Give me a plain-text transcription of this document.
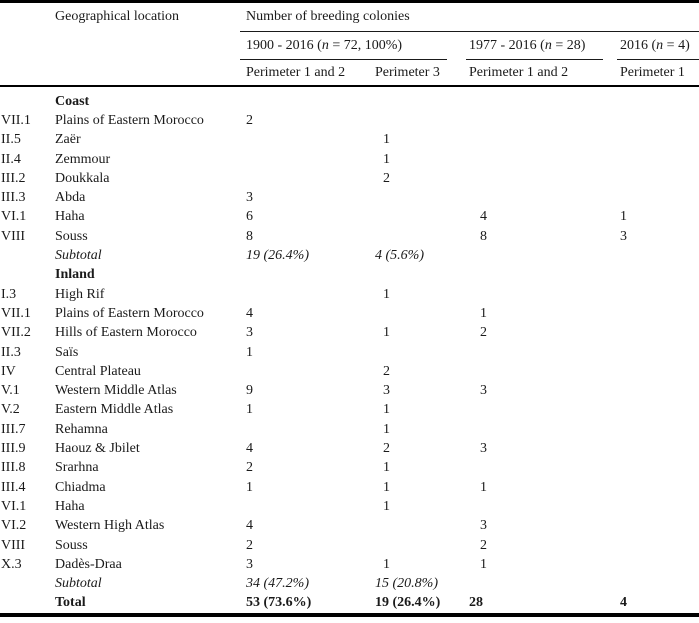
	Geographical location	Number of breeding colonies			
		1900 - 2016 (n = 72, 100%)		1977 - 2016 (n = 28)	2016 (n = 4)

		Perimeter 1 and 2	Perimeter 3	Perimeter 1 and 2	Perimeter 1
	Coast				
VII.1	Plains of Eastern Morocco	2			
II.5	Zaër		1		
II.4	Zemmour		1		
III.2	Doukkala		2		
III.3	Abda	3			
VI.1	Haha	6		4	1
VIII	Souss	8		8	3
	Subtotal	19 (26.4%)	4 (5.6%)		
	Inland				
I.3	High Rif		1		
VII.1	Plains of Eastern Morocco	4		1	
VII.2	Hills of Eastern Morocco	3	1	2	
II.3	Saïs	1			
IV	Central Plateau		2		
V.1	Western Middle Atlas	9	3	3	
V.2	Eastern Middle Atlas	1	1		
III.7	Rehamna		1		
III.9	Haouz & Jbilet	4	2	3	
III.8	Srarhna	2	1		
III.4	Chiadma	1	1	1	
VI.1	Haha		1		
VI.2	Western High Atlas	4		3	
VIII	Souss	2		2	
X.3	Dadès-Draa	3	1	1	
	Subtotal	34 (47.2%)	15 (20.8%)		
	Total	53 (73.6%)	19 (26.4%)	28	4
